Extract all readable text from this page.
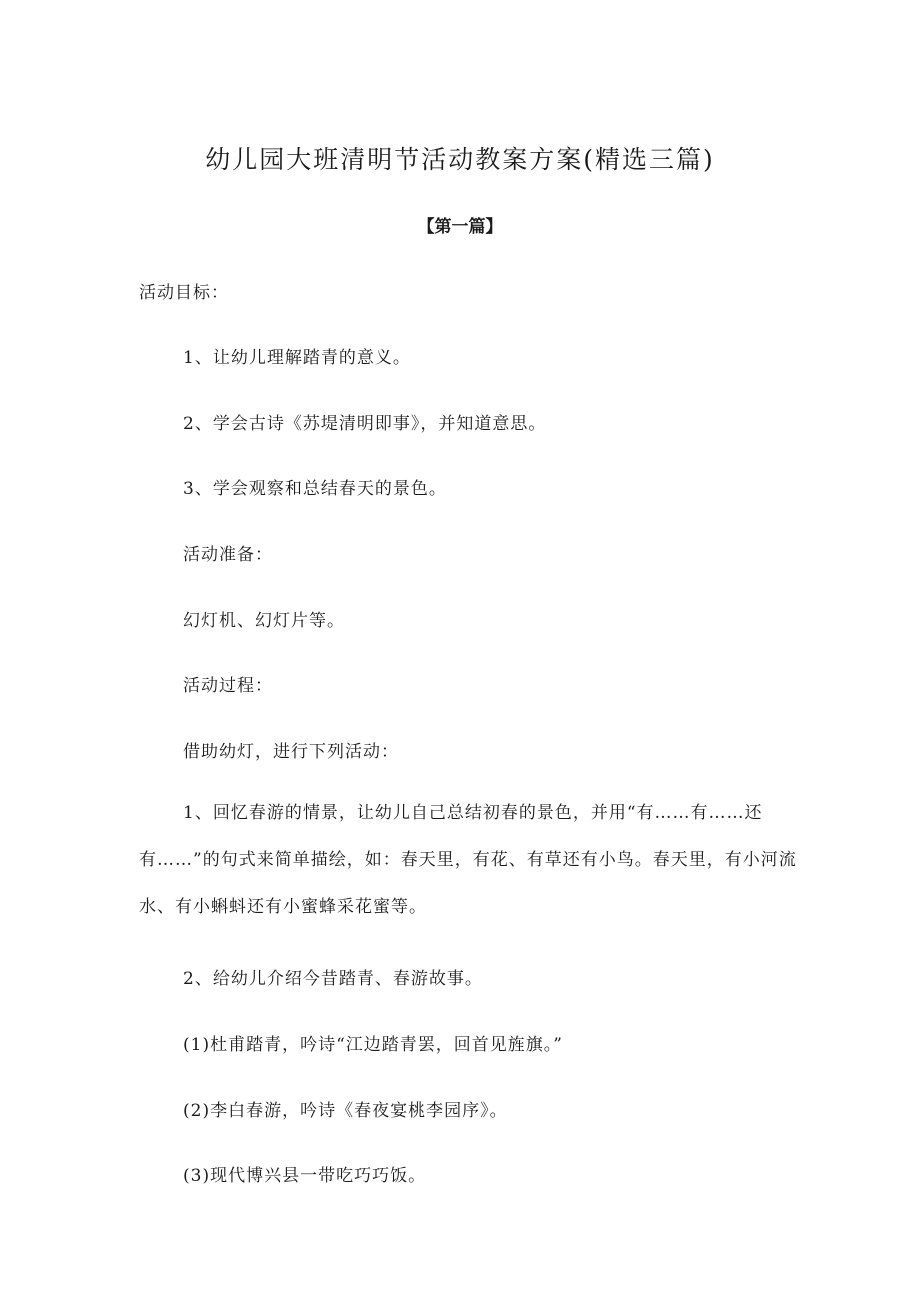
幼儿园大班清明节活动教案方案(精选三篇)
【第一篇】

活动目标：

1、让幼儿理解踏青的意义。

2、学会古诗《苏堤清明即事》，并知道意思。

3、学会观察和总结春天的景色。

活动准备：

幻灯机、幻灯片等。

活动过程：

借助幼灯，进行下列活动：

1、回忆春游的情景，让幼儿自己总结初春的景色，并用“有……有……还有……”的句式来简单描绘，如：春天里，有花、有草还有小鸟。春天里，有小河流水、有小蝌蚪还有小蜜蜂采花蜜等。

2、给幼儿介绍今昔踏青、春游故事。

(1)杜甫踏青，吟诗“江边踏青罢，回首见旌旗。”

(2)李白春游，吟诗《春夜宴桃李园序》。

(3)现代博兴县一带吃巧巧饭。
